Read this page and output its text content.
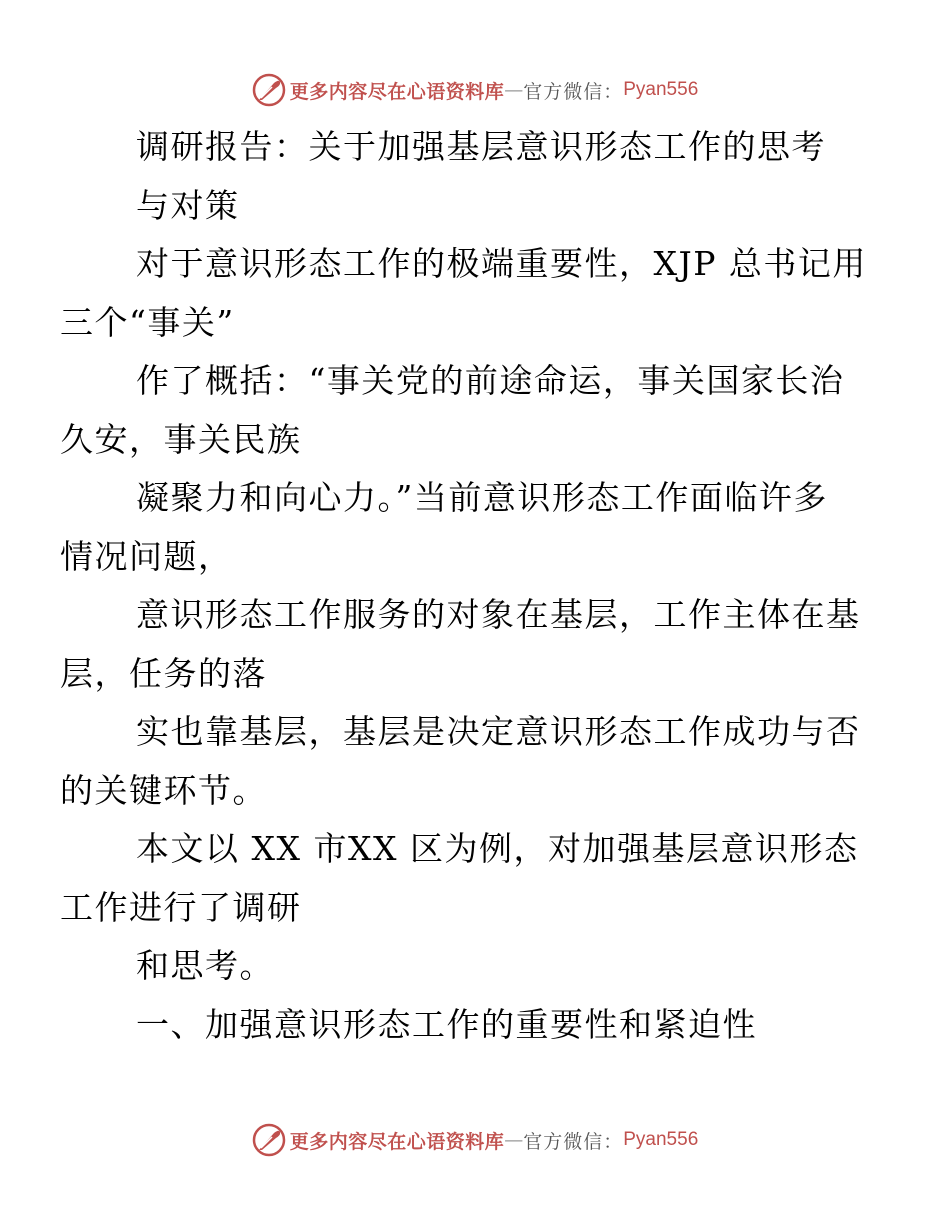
更多内容尽在心语资料库 — 官方微信： Pyan556

调研报告：关于加强基层意识形态工作的思考
与对策

对于意识形态工作的极端重要性，XJP 总书记用
三个“事关”

作了概括：“事关党的前途命运，事关国家长治
久安，事关民族

凝聚力和向心力。”当前意识形态工作面临许多
情况问题，

意识形态工作服务的对象在基层，工作主体在基
层，任务的落

实也靠基层，基层是决定意识形态工作成功与否
的关键环节。

本文以 XX 市XX 区为例，对加强基层意识形态
工作进行了调研

和思考。

一、加强意识形态工作的重要性和紧迫性

更多内容尽在心语资料库 — 官方微信： Pyan556
